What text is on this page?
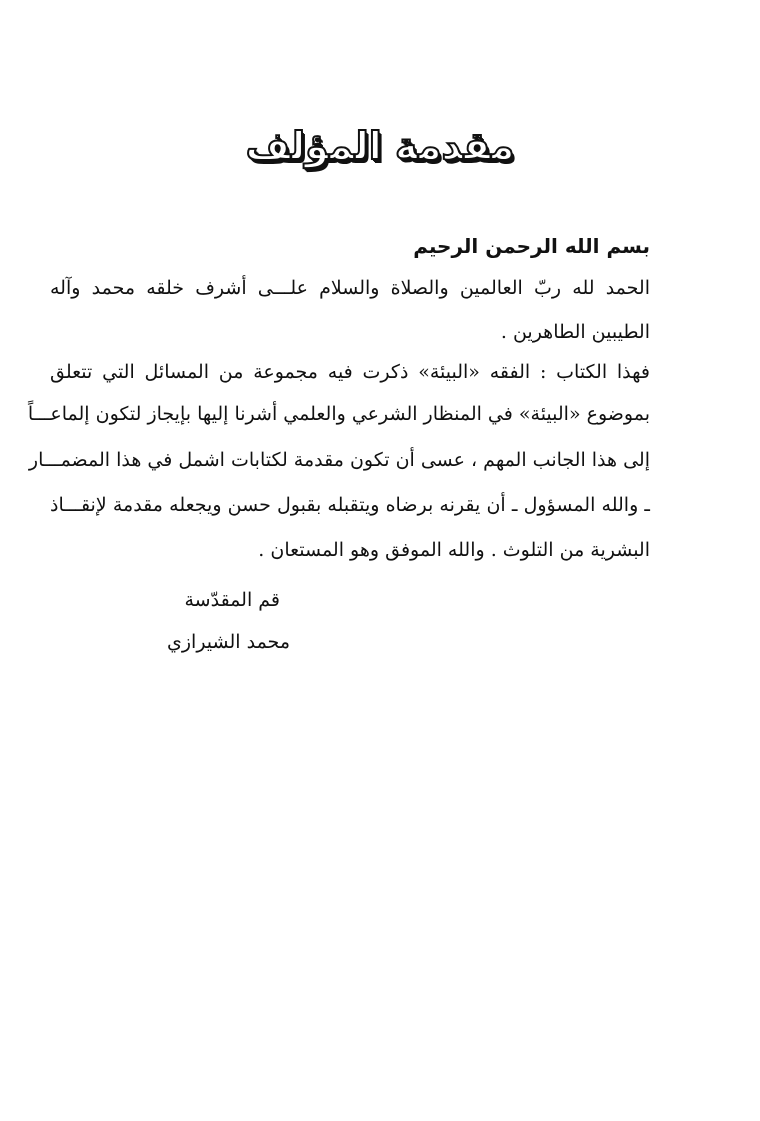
مقدمة المؤلف
بسم الله الرحمن الرحيم
الحمد لله ربّ العالمين والصلاة والسلام علـــى أشرف خلقه محمد وآله
الطيبين الطاهرين .
فهذا الكتاب : الفقه «البيئة» ذكرت فيه مجموعة من المسائل التي تتعلق
بموضوع «البيئة» في المنظار الشرعي والعلمي أشرنا إليها بإيجاز لتكون إلماعـــاً
إلى هذا الجانب المهم ، عسى أن تكون مقدمة لكتابات اشمل في هذا المضمـــار
ـ والله المسؤول ـ أن يقرنه برضاه ويتقبله بقبول حسن ويجعله مقدمة لإنقـــاذ
البشرية من التلوث . والله الموفق وهو المستعان .
قم المقدّسة
محمد الشيرازي
